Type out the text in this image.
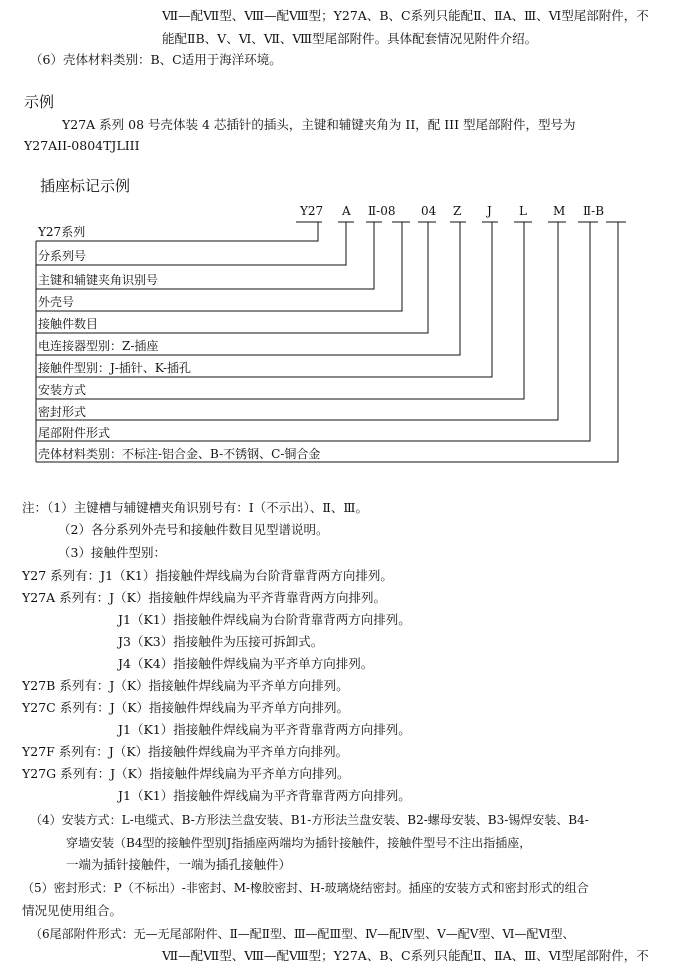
Ⅶ—配Ⅶ型、Ⅷ—配Ⅷ型；Y27A、B、C系列只能配Ⅱ、ⅡA、Ⅲ、Ⅵ型尾部附件，不
能配ⅡB、Ⅴ、Ⅵ、Ⅶ、Ⅷ型尾部附件。具体配套情况见附件介绍。
（6）壳体材料类别：B、C适用于海洋环境。
示例
Y27A 系列 08 号壳体装 4 芯插针的插头，主键和辅键夹角为 II，配 III 型尾部附件，型号为
Y27AII-0804TJLIII
插座标记示例
Y27 A Ⅱ-08 04 Z J L M Ⅱ-B
Y27系列
分系列号
主键和辅键夹角识别号
外壳号
接触件数目
电连接器型别：Z-插座
接触件型别：J-插针、K-插孔
安装方式
密封形式
尾部附件形式
壳体材料类别：不标注-铝合金、B-不锈钢、C-铜合金
注：（1）主键槽与辅键槽夹角识别号有：Ⅰ（不示出）、Ⅱ、Ⅲ。
（2）各分系列外壳号和接触件数目见型谱说明。
（3）接触件型别：
Y27 系列有：J1（K1）指接触件焊线扁为台阶背靠背两方向排列。
Y27A 系列有：J（K）指接触件焊线扁为平齐背靠背两方向排列。
J1（K1）指接触件焊线扁为台阶背靠背两方向排列。
J3（K3）指接触件为压接可拆卸式。
J4（K4）指接触件焊线扁为平齐单方向排列。
Y27B 系列有：J（K）指接触件焊线扁为平齐单方向排列。
Y27C 系列有：J（K）指接触件焊线扁为平齐单方向排列。
J1（K1）指接触件焊线扁为平齐背靠背两方向排列。
Y27F 系列有：J（K）指接触件焊线扁为平齐单方向排列。
Y27G 系列有：J（K）指接触件焊线扁为平齐单方向排列。
J1（K1）指接触件焊线扁为平齐背靠背两方向排列。
（4）安装方式：L-电缆式、B-方形法兰盘安装、B1-方形法兰盘安装、B2-螺母安装、B3-锡焊安装、B4-
穿墙安装（B4型的接触件型别J指插座两端均为插针接触件，接触件型号不注出指插座，
一端为插针接触件，一端为插孔接触件）
（5）密封形式：P（不标出）-非密封、M-橡胶密封、H-玻璃烧结密封。插座的安装方式和密封形式的组合
情况见使用组合。
（6尾部附件形式：无—无尾部附件、Ⅱ—配Ⅱ型、Ⅲ—配Ⅲ型、Ⅳ—配Ⅳ型、Ⅴ—配Ⅴ型、Ⅵ—配Ⅵ型、
Ⅶ—配Ⅶ型、Ⅷ—配Ⅷ型；Y27A、B、C系列只能配Ⅱ、ⅡA、Ⅲ、Ⅵ型尾部附件，不
